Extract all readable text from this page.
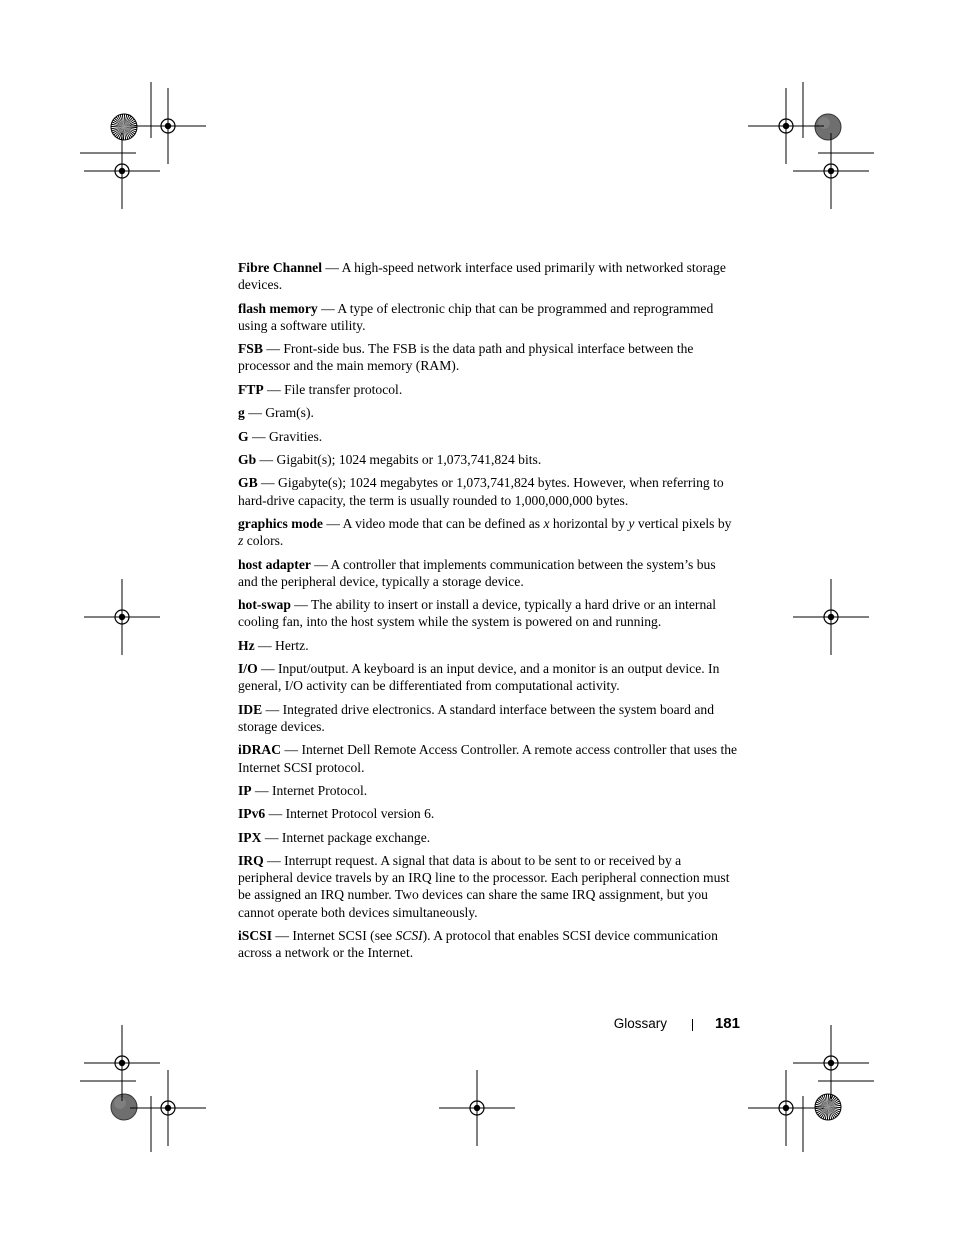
Fibre Channel — A high-speed network interface used primarily with networked storage devices.

flash memory — A type of electronic chip that can be programmed and reprogrammed using a software utility.

FSB — Front-side bus. The FSB is the data path and physical interface between the processor and the main memory (RAM).

FTP — File transfer protocol.

g — Gram(s).

G — Gravities.

Gb — Gigabit(s); 1024 megabits or 1,073,741,824 bits.

GB — Gigabyte(s); 1024 megabytes or 1,073,741,824 bytes. However, when referring to hard-drive capacity, the term is usually rounded to 1,000,000,000 bytes.

graphics mode — A video mode that can be defined as x horizontal by y vertical pixels by z colors.

host adapter — A controller that implements communication between the system’s bus and the peripheral device, typically a storage device.

hot-swap — The ability to insert or install a device, typically a hard drive or an internal cooling fan, into the host system while the system is powered on and running.

Hz — Hertz.

I/O — Input/output. A keyboard is an input device, and a monitor is an output device. In general, I/O activity can be differentiated from computational activity.

IDE — Integrated drive electronics. A standard interface between the system board and storage devices.

iDRAC — Internet Dell Remote Access Controller. A remote access controller that uses the Internet SCSI protocol.

IP — Internet Protocol.

IPv6 — Internet Protocol version 6.

IPX — Internet package exchange.

IRQ — Interrupt request. A signal that data is about to be sent to or received by a peripheral device travels by an IRQ line to the processor. Each peripheral connection must be assigned an IRQ number. Two devices can share the same IRQ assignment, but you cannot operate both devices simultaneously.

iSCSI — Internet SCSI (see SCSI). A protocol that enables SCSI device communication across a network or the Internet.

Glossary	181
